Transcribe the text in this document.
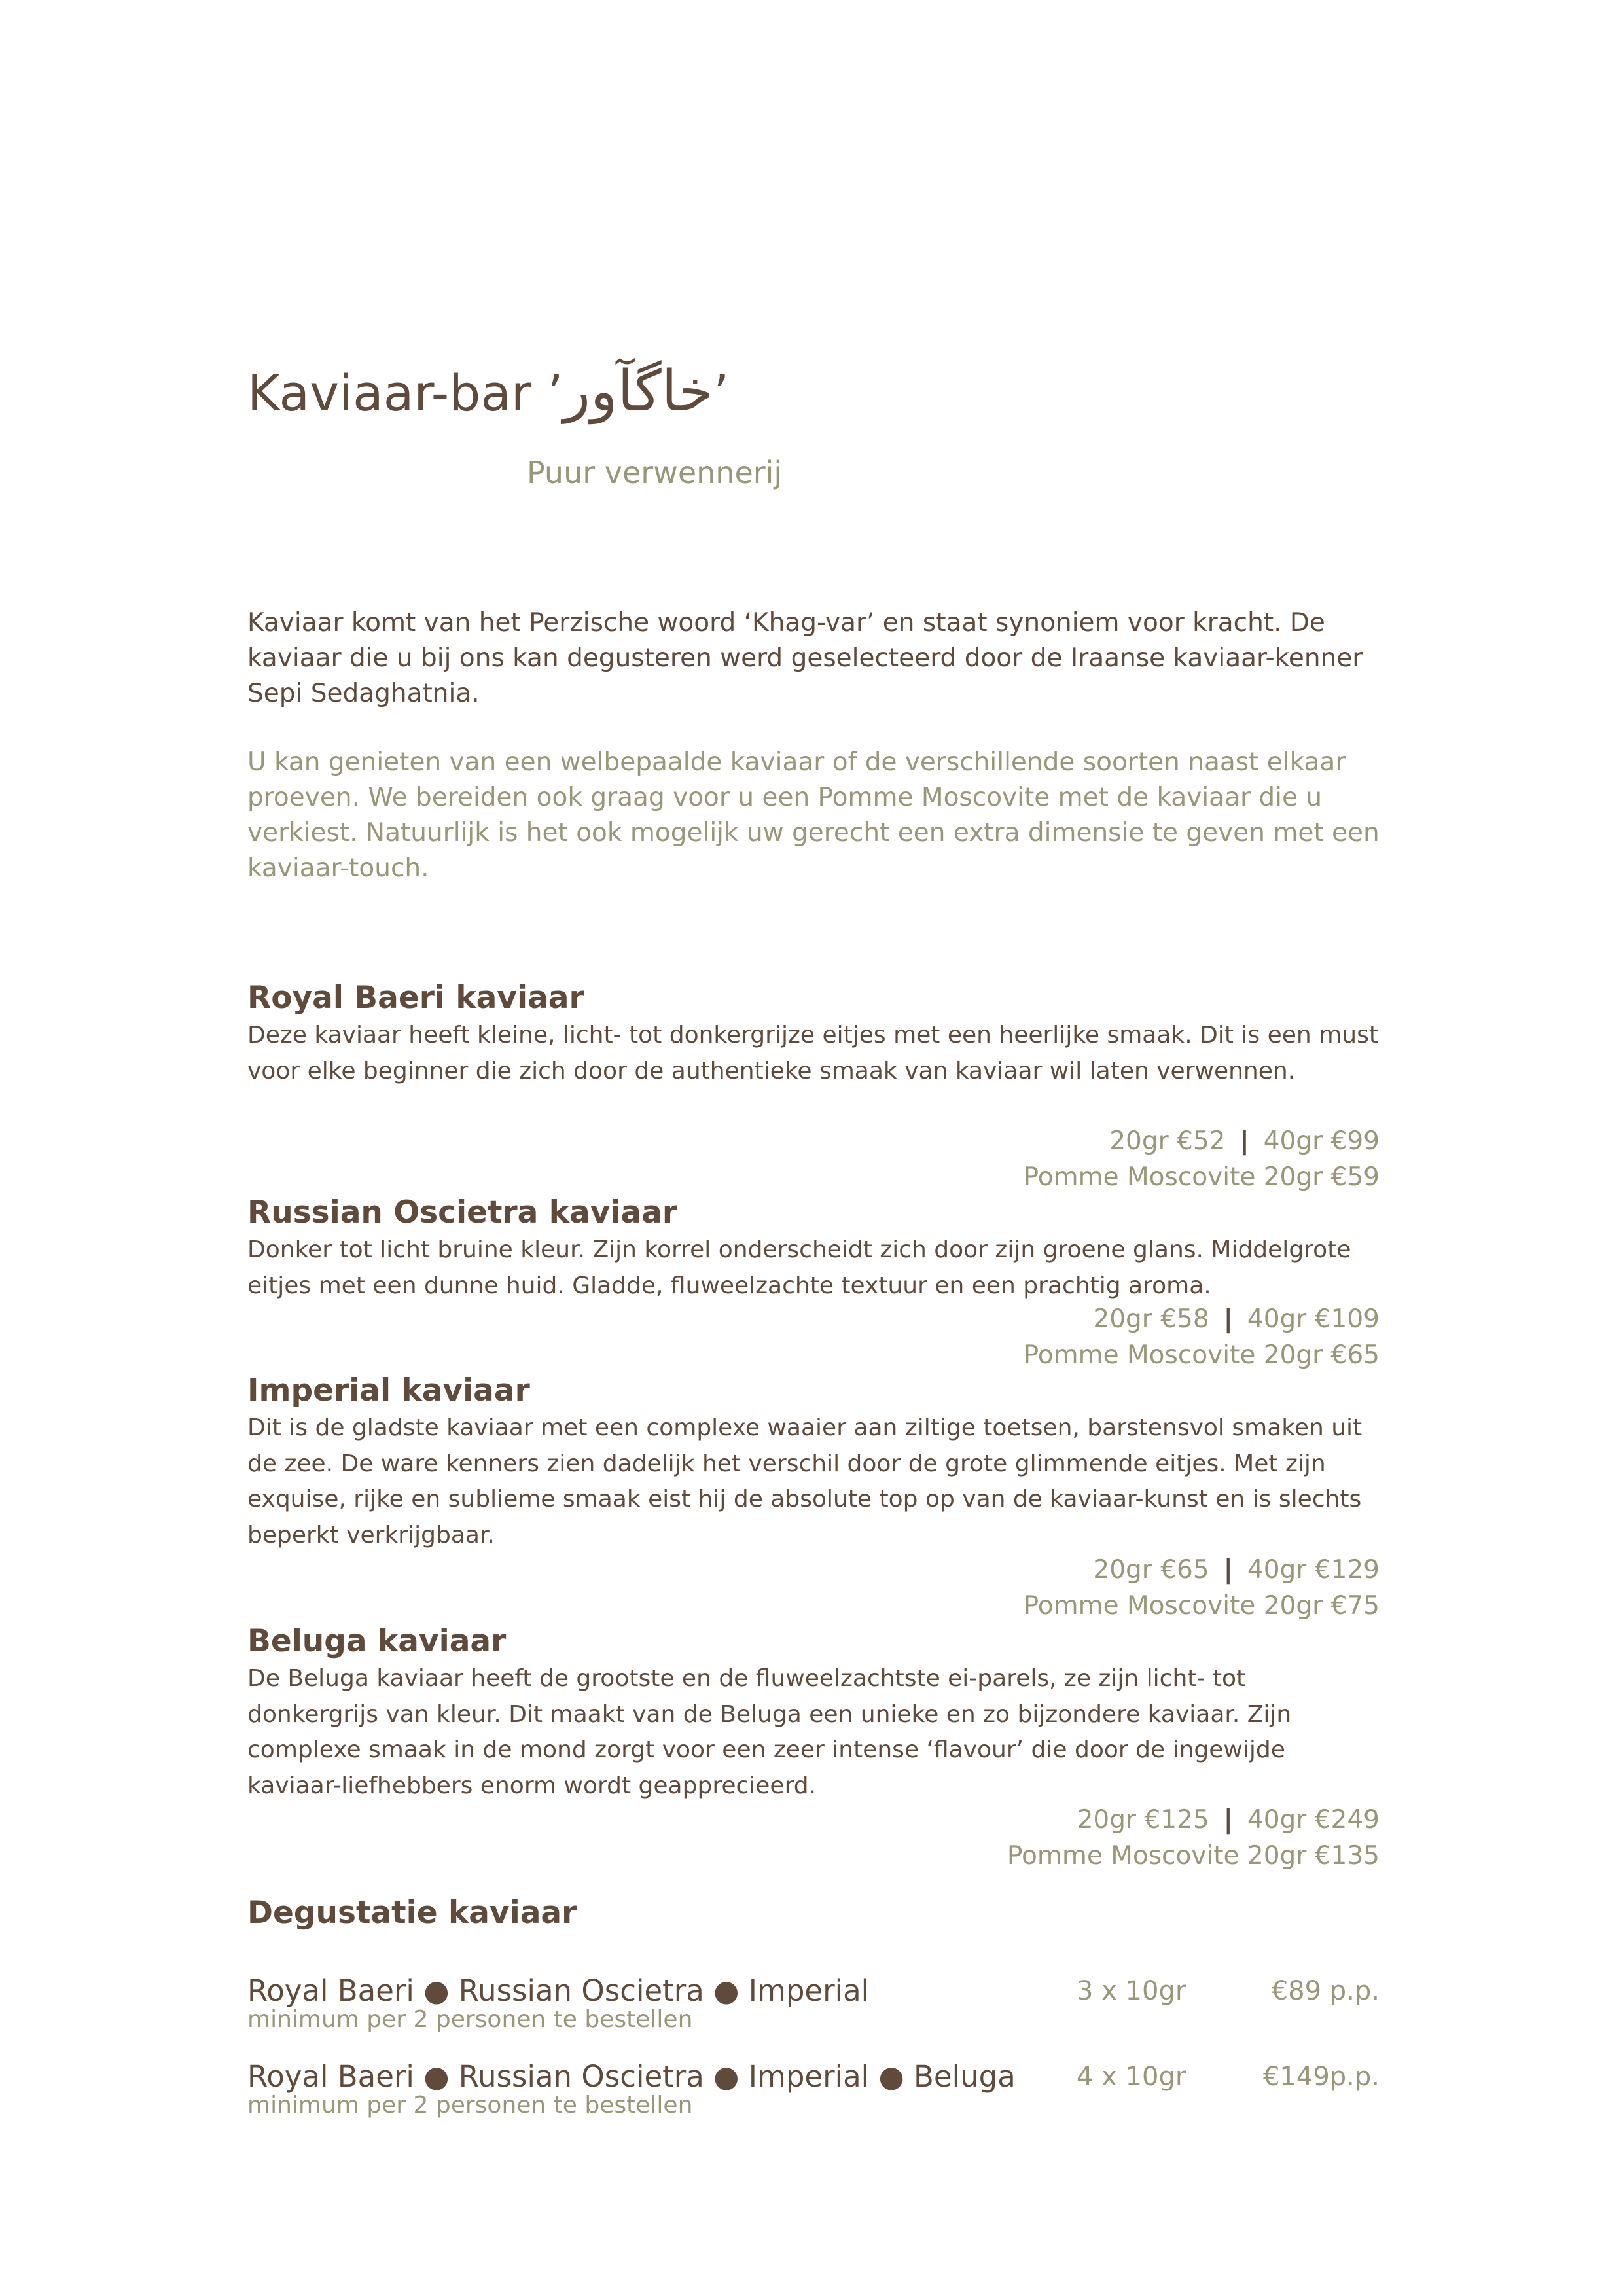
Kaviaar-bar ’خاگآور’
Puur verwennerij

Kaviaar komt van het Perzische woord ‘Khag-var’ en staat synoniem voor kracht. De kaviaar die u bij ons kan degusteren werd geselecteerd door de Iraanse kaviaar-kenner Sepi Sedaghatnia.

U kan genieten van een welbepaalde kaviaar of de verschillende soorten naast elkaar proeven. We bereiden ook graag voor u een Pomme Moscovite met de kaviaar die u verkiest. Natuurlijk is het ook mogelijk uw gerecht een extra dimensie te geven met een kaviaar-touch.

Royal Baeri kaviaar

Deze kaviaar heeft kleine, licht- tot donkergrijze eitjes met een heerlijke smaak. Dit is een must voor elke beginner die zich door de authentieke smaak van kaviaar wil laten verwennen.

20gr €52 | 40gr €99
Pomme Moscovite 20gr €59
Russian Oscietra kaviaar

Donker tot licht bruine kleur. Zijn korrel onderscheidt zich door zijn groene glans. Middelgrote eitjes met een dunne huid. Gladde, fluweelzachte textuur en een prachtig aroma.

20gr €58 | 40gr €109
Pomme Moscovite 20gr €65
Imperial kaviaar

Dit is de gladste kaviaar met een complexe waaier aan ziltige toetsen, barstensvol smaken uit de zee. De ware kenners zien dadelijk het verschil door de grote glimmende eitjes. Met zijn exquise, rijke en sublieme smaak eist hij de absolute top op van de kaviaar-kunst en is slechts beperkt verkrijgbaar.

20gr €65 | 40gr €129
Pomme Moscovite 20gr €75
Beluga kaviaar

De Beluga kaviaar heeft de grootste en de fluweelzachtste ei-parels, ze zijn licht- tot donkergrijs van kleur. Dit maakt van de Beluga een unieke en zo bijzondere kaviaar. Zijn complexe smaak in de mond zorgt voor een zeer intense ‘flavour’ die door de ingewijde kaviaar-liefhebbers enorm wordt geapprecieerd.

20gr €125 | 40gr €249
Pomme Moscovite 20gr €135
Degustatie kaviaar
Royal Baeri ● Russian Oscietra ● Imperial	3 x 10gr	€89 p.p.
minimum per 2 personen te bestellen
Royal Baeri ● Russian Oscietra ● Imperial ● Beluga 4 x 10gr	€149p.p.
minimum per 2 personen te bestellen
